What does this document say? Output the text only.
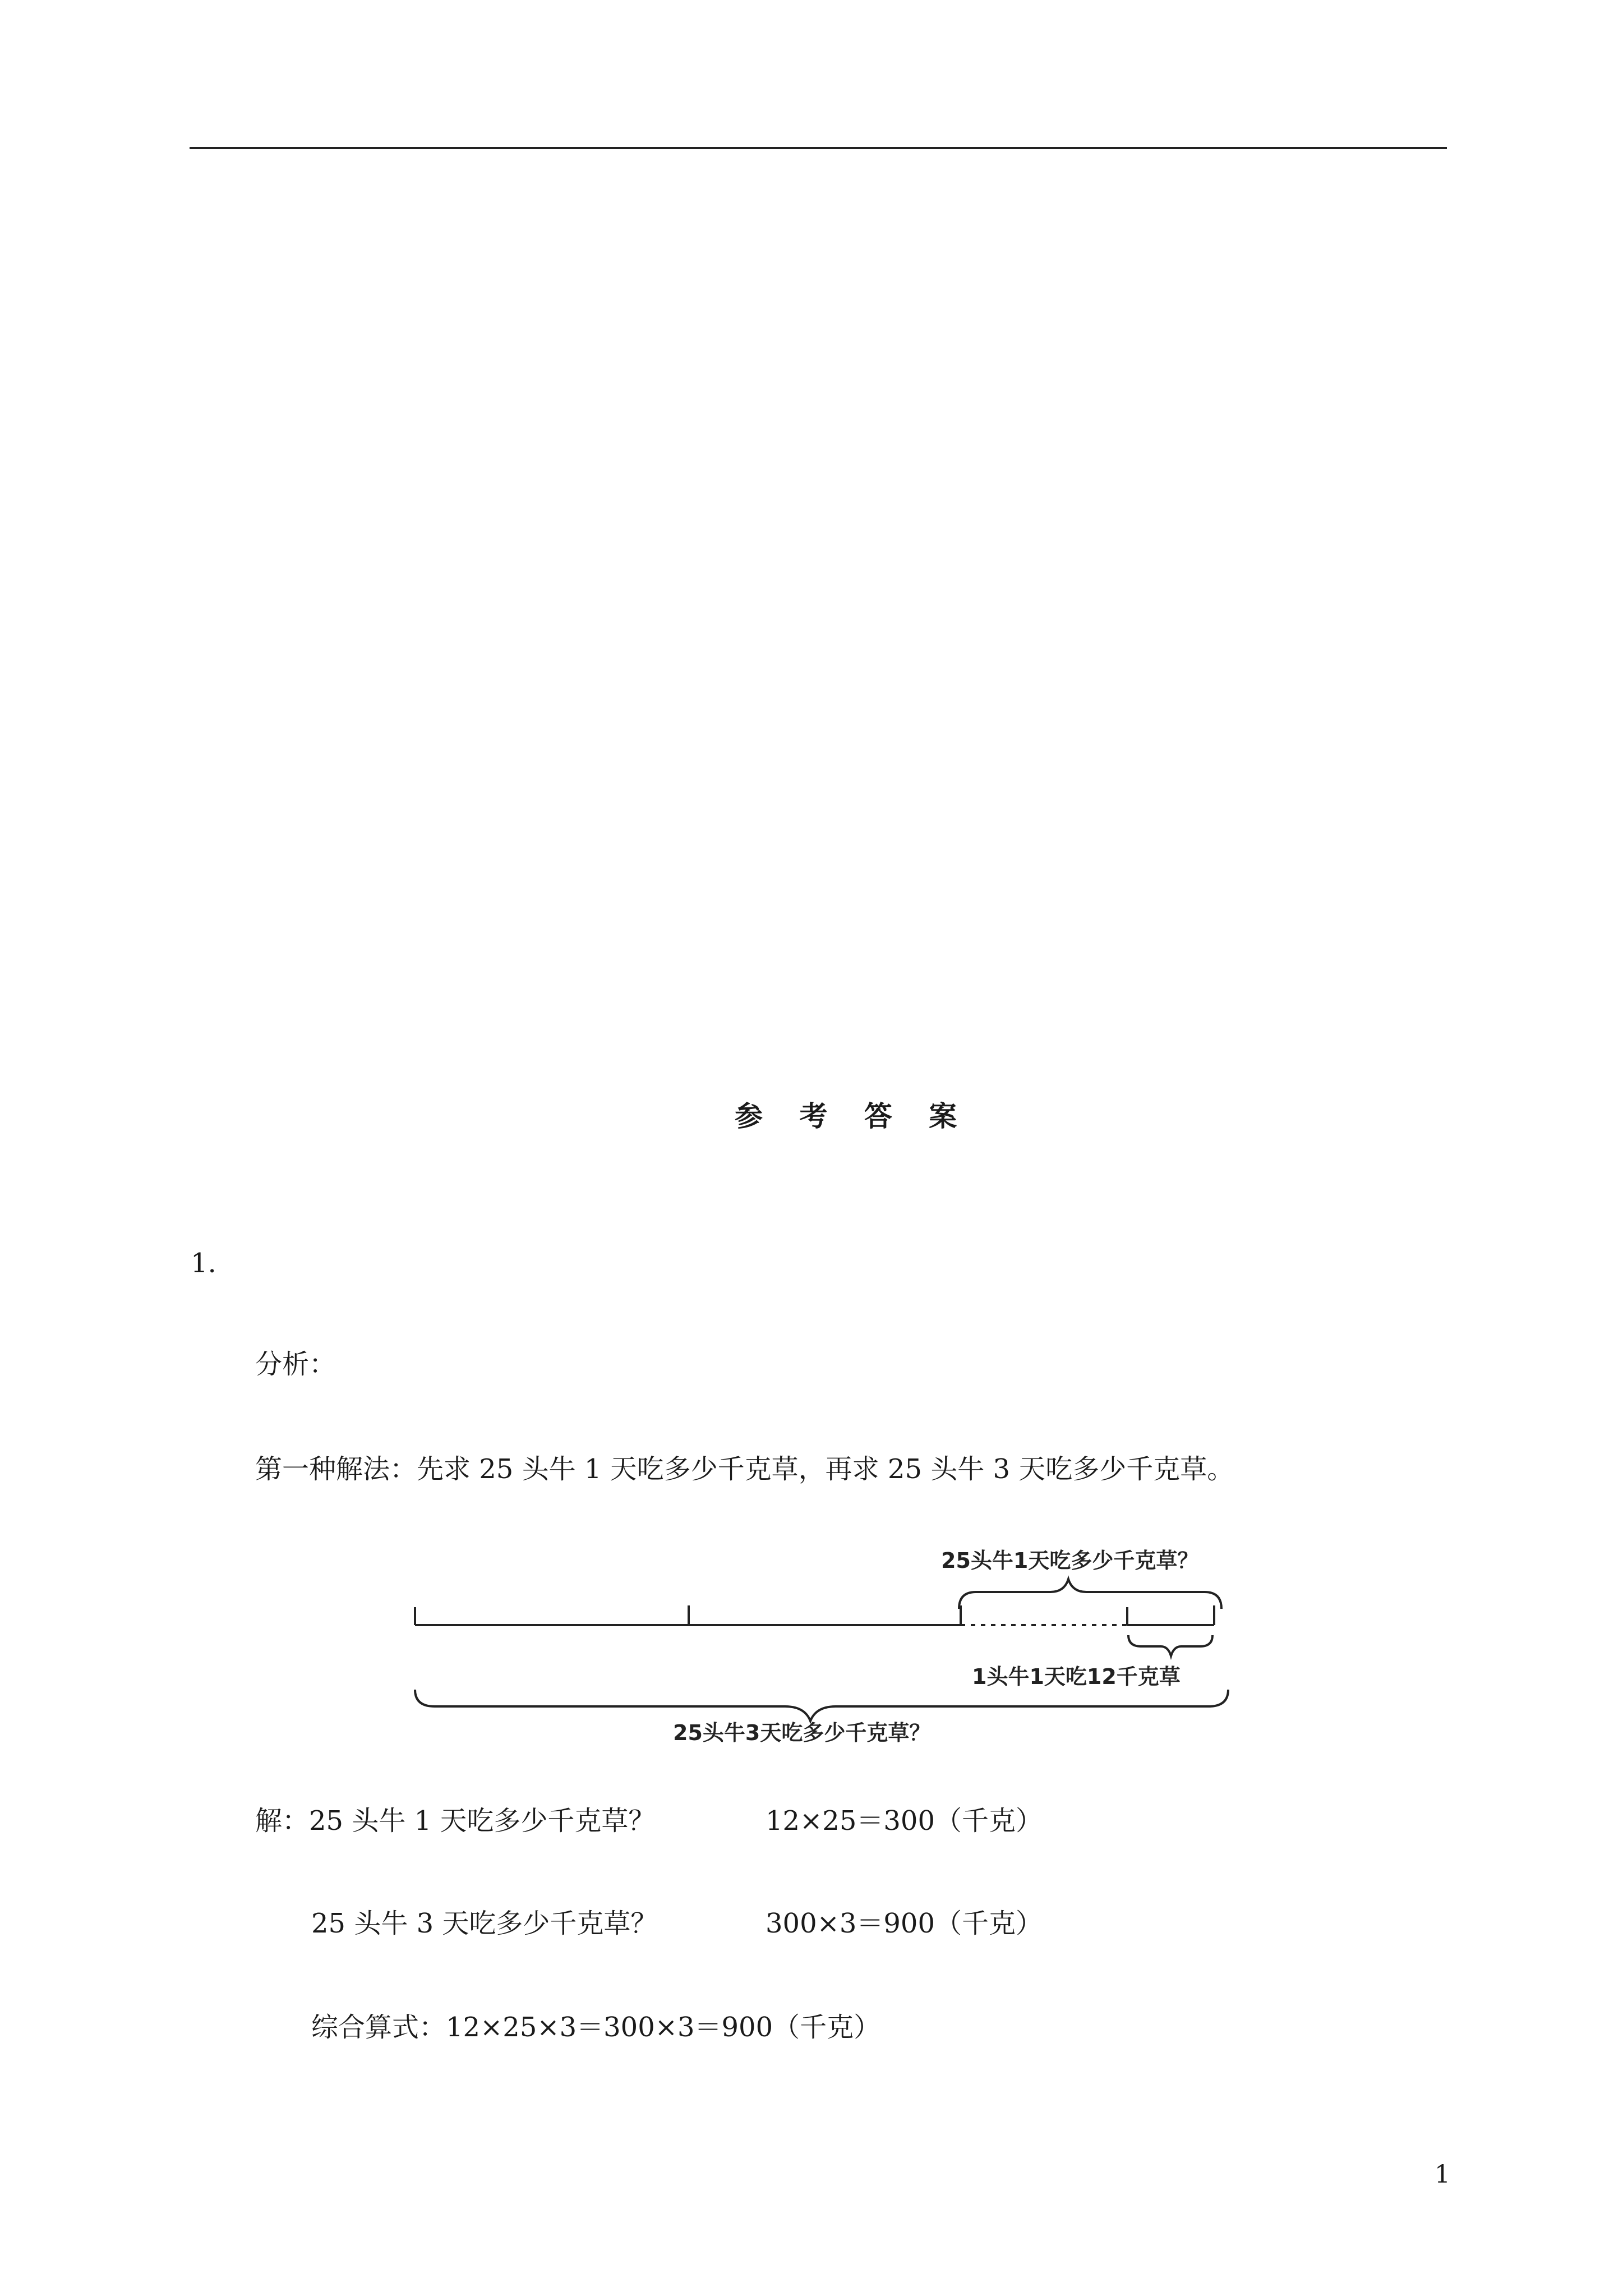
参 考 答 案
1.
分析：
第一种解法：先求 25 头牛 1 天吃多少千克草，再求 25 头牛 3 天吃多少千克草。
25头牛1天吃多少千克草？
1头牛1天吃12千克草
25头牛3天吃多少千克草？
解：25 头牛 1 天吃多少千克草？	12×25＝300（千克）
25 头牛 3 天吃多少千克草？	300×3＝900（千克）
综合算式：12×25×3＝300×3＝900（千克）
1
